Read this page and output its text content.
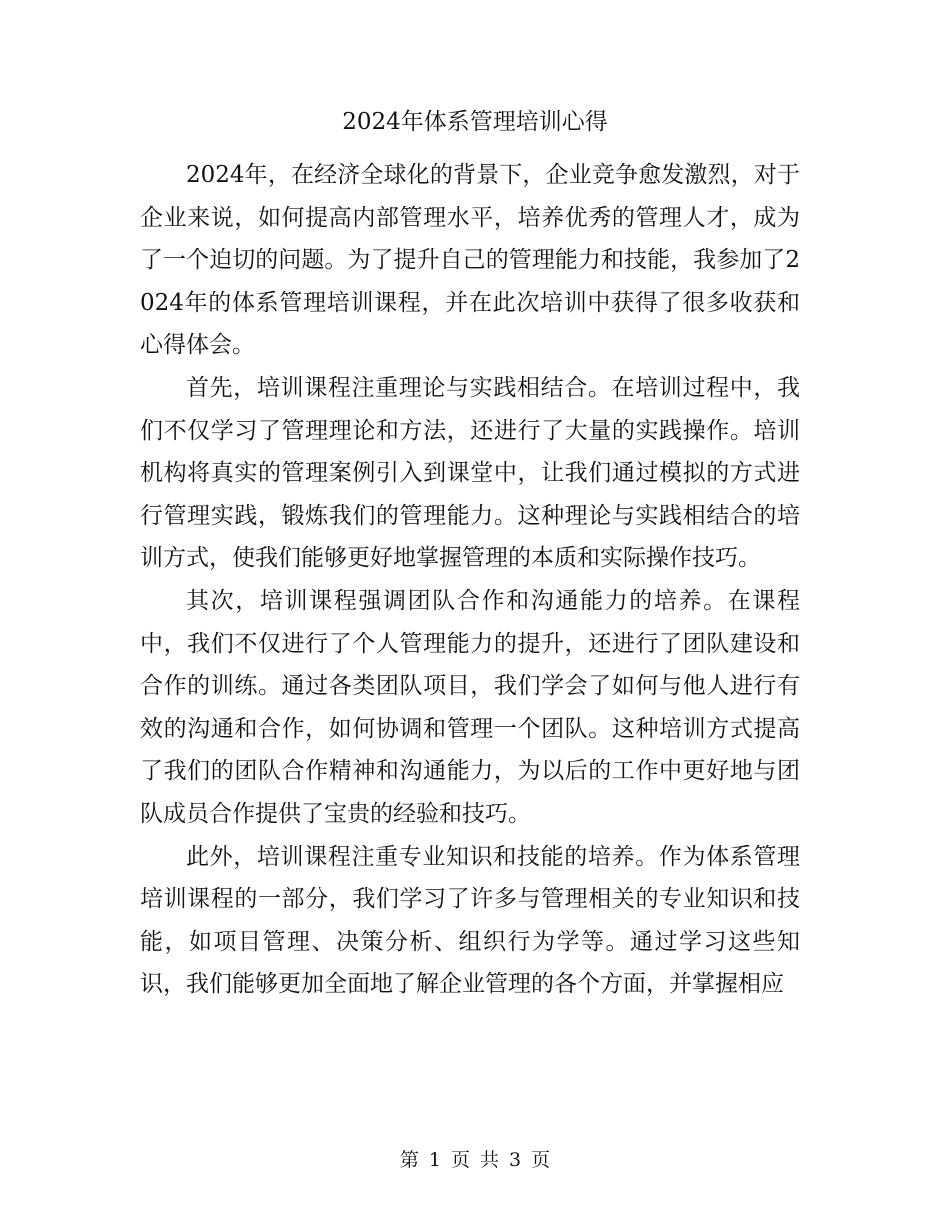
2024年体系管理培训心得

2024年，在经济全球化的背景下，企业竞争愈发激烈，对于企业来说，如何提高内部管理水平，培养优秀的管理人才，成为了一个迫切的问题。为了提升自己的管理能力和技能，我参加了2024年的体系管理培训课程，并在此次培训中获得了很多收获和心得体会。

首先，培训课程注重理论与实践相结合。在培训过程中，我们不仅学习了管理理论和方法，还进行了大量的实践操作。培训机构将真实的管理案例引入到课堂中，让我们通过模拟的方式进行管理实践，锻炼我们的管理能力。这种理论与实践相结合的培训方式，使我们能够更好地掌握管理的本质和实际操作技巧。

其次，培训课程强调团队合作和沟通能力的培养。在课程中，我们不仅进行了个人管理能力的提升，还进行了团队建设和合作的训练。通过各类团队项目，我们学会了如何与他人进行有效的沟通和合作，如何协调和管理一个团队。这种培训方式提高了我们的团队合作精神和沟通能力，为以后的工作中更好地与团队成员合作提供了宝贵的经验和技巧。

此外，培训课程注重专业知识和技能的培养。作为体系管理培训课程的一部分，我们学习了许多与管理相关的专业知识和技能，如项目管理、决策分析、组织行为学等。通过学习这些知识，我们能够更加全面地了解企业管理的各个方面，并掌握相应

第 1 页 共 3 页
